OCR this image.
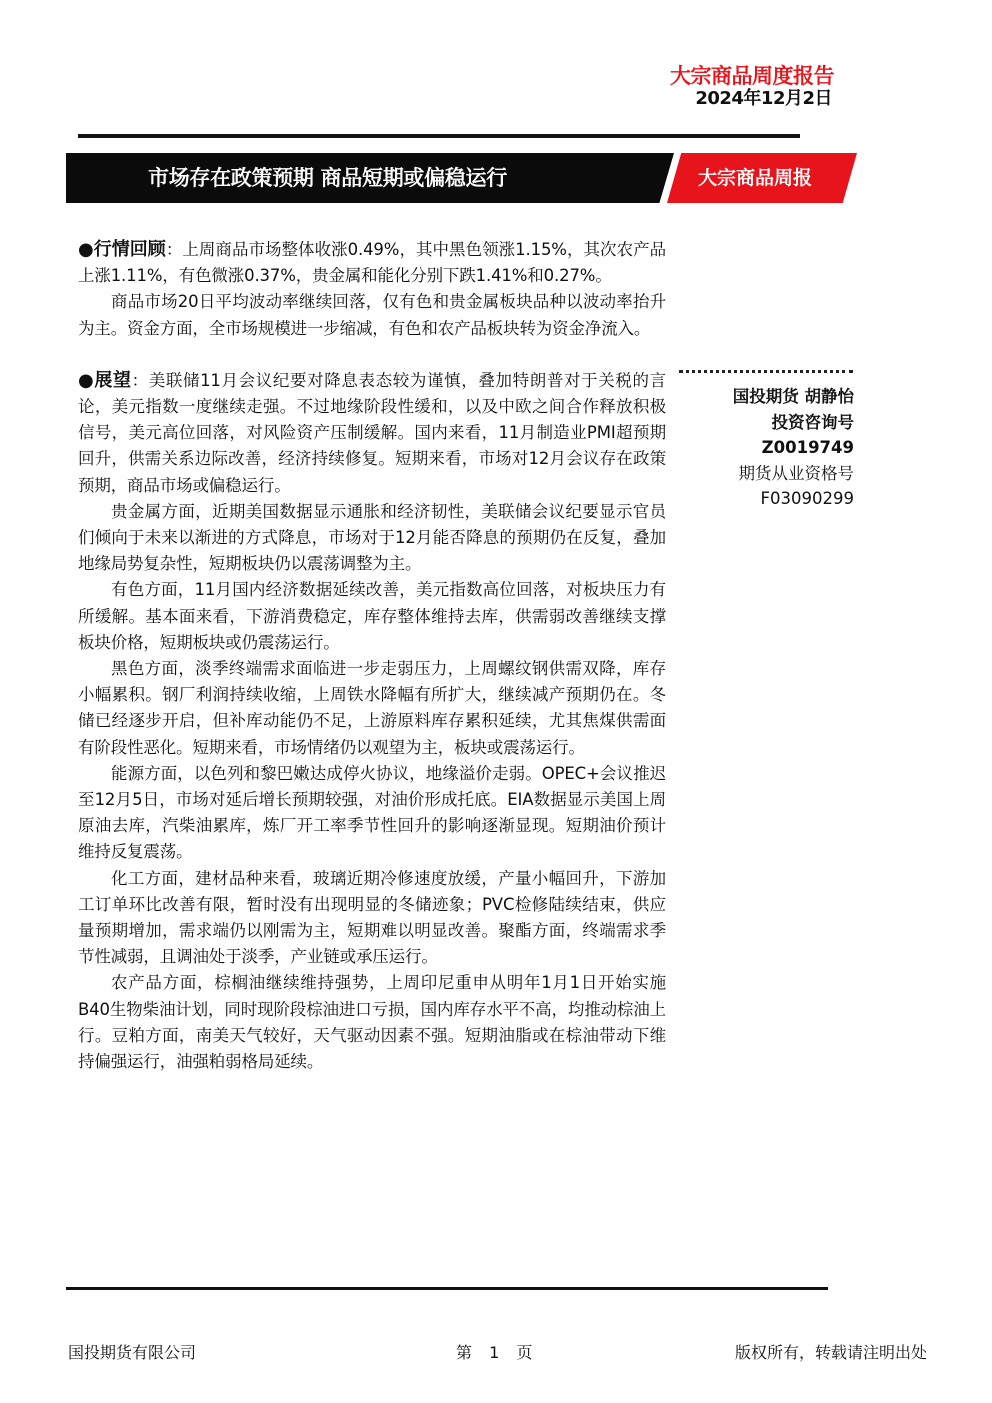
大宗商品周度报告
2024年12月2日
市场存在政策预期 商品短期或偏稳运行	大宗商品周报

●行情回顾：上周商品市场整体收涨0.49%，其中黑色领涨1.15%，其次农产品上涨1.11%，有色微涨0.37%，贵金属和能化分别下跌1.41%和0.27%。

商品市场20日平均波动率继续回落，仅有色和贵金属板块品种以波动率抬升为主。资金方面，全市场规模进一步缩减，有色和农产品板块转为资金净流入。

●展望：美联储11月会议纪要对降息表态较为谨慎，叠加特朗普对于关税的言论，美元指数一度继续走强。不过地缘阶段性缓和，以及中欧之间合作释放积极信号，美元高位回落，对风险资产压制缓解。国内来看，11月制造业PMI超预期回升，供需关系边际改善，经济持续修复。短期来看，市场对12月会议存在政策预期，商品市场或偏稳运行。

贵金属方面，近期美国数据显示通胀和经济韧性，美联储会议纪要显示官员们倾向于未来以渐进的方式降息，市场对于12月能否降息的预期仍在反复，叠加地缘局势复杂性，短期板块仍以震荡调整为主。

有色方面，11月国内经济数据延续改善，美元指数高位回落，对板块压力有所缓解。基本面来看，下游消费稳定，库存整体维持去库，供需弱改善继续支撑板块价格，短期板块或仍震荡运行。

黑色方面，淡季终端需求面临进一步走弱压力，上周螺纹钢供需双降，库存小幅累积。钢厂利润持续收缩，上周铁水降幅有所扩大，继续减产预期仍在。冬储已经逐步开启，但补库动能仍不足，上游原料库存累积延续，尤其焦煤供需面有阶段性恶化。短期来看，市场情绪仍以观望为主，板块或震荡运行。

能源方面，以色列和黎巴嫩达成停火协议，地缘溢价走弱。OPEC+会议推迟至12月5日，市场对延后增长预期较强，对油价形成托底。EIA数据显示美国上周原油去库，汽柴油累库，炼厂开工率季节性回升的影响逐渐显现。短期油价预计维持反复震荡。

化工方面，建材品种来看，玻璃近期冷修速度放缓，产量小幅回升，下游加工订单环比改善有限，暂时没有出现明显的冬储迹象；PVC检修陆续结束，供应量预期增加，需求端仍以刚需为主，短期难以明显改善。聚酯方面，终端需求季节性减弱，且调油处于淡季，产业链或承压运行。

农产品方面，棕榈油继续维持强势，上周印尼重申从明年1月1日开始实施B40生物柴油计划，同时现阶段棕油进口亏损，国内库存水平不高，均推动棕油上行。豆粕方面，南美天气较好，天气驱动因素不强。短期油脂或在棕油带动下维持偏强运行，油强粕弱格局延续。

国投期货 胡静怡
投资咨询号
Z0019749
期货从业资格号
F03090299
国投期货有限公司	第 1 页	版权所有，转载请注明出处
